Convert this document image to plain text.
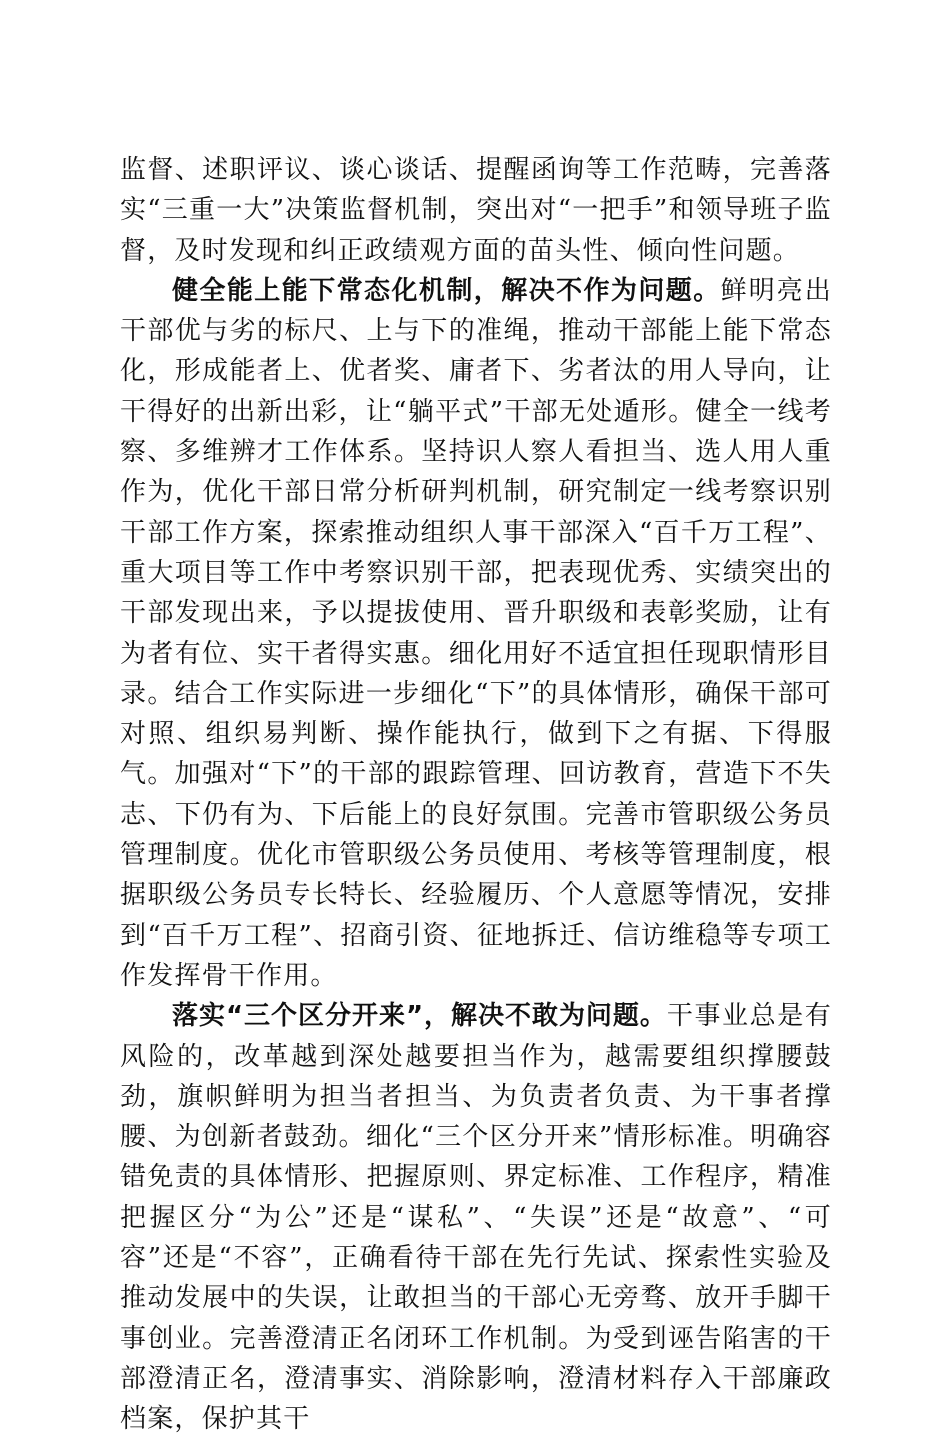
监督、述职评议、谈心谈话、提醒函询等工作范畴，完善落实“三重一大”决策监督机制，突出对“一把手”和领导班子监督，及时发现和纠正政绩观方面的苗头性、倾向性问题。

健全能上能下常态化机制，解决不作为问题。鲜明亮出干部优与劣的标尺、上与下的准绳，推动干部能上能下常态化，形成能者上、优者奖、庸者下、劣者汰的用人导向，让干得好的出新出彩，让“躺平式”干部无处遁形。健全一线考察、多维辨才工作体系。坚持识人察人看担当、选人用人重作为，优化干部日常分析研判机制，研究制定一线考察识别干部工作方案，探索推动组织人事干部深入“百千万工程”、重大项目等工作中考察识别干部，把表现优秀、实绩突出的干部发现出来，予以提拔使用、晋升职级和表彰奖励，让有为者有位、实干者得实惠。细化用好不适宜担任现职情形目录。结合工作实际进一步细化“下”的具体情形，确保干部可对照、组织易判断、操作能执行，做到下之有据、下得服气。加强对“下”的干部的跟踪管理、回访教育，营造下不失志、下仍有为、下后能上的良好氛围。完善市管职级公务员管理制度。优化市管职级公务员使用、考核等管理制度，根据职级公务员专长特长、经验履历、个人意愿等情况，安排到“百千万工程”、招商引资、征地拆迁、信访维稳等专项工作发挥骨干作用。

落实“三个区分开来”，解决不敢为问题。干事业总是有风险的，改革越到深处越要担当作为，越需要组织撑腰鼓劲，旗帜鲜明为担当者担当、为负责者负责、为干事者撑腰、为创新者鼓劲。细化“三个区分开来”情形标准。明确容错免责的具体情形、把握原则、界定标准、工作程序，精准把握区分“为公”还是“谋私”、“失误”还是“故意”、“可容”还是“不容”，正确看待干部在先行先试、探索性实验及推动发展中的失误，让敢担当的干部心无旁骛、放开手脚干事创业。完善澄清正名闭环工作机制。为受到诬告陷害的干部澄清正名，澄清事实、消除影响，澄清材料存入干部廉政档案，保护其干
